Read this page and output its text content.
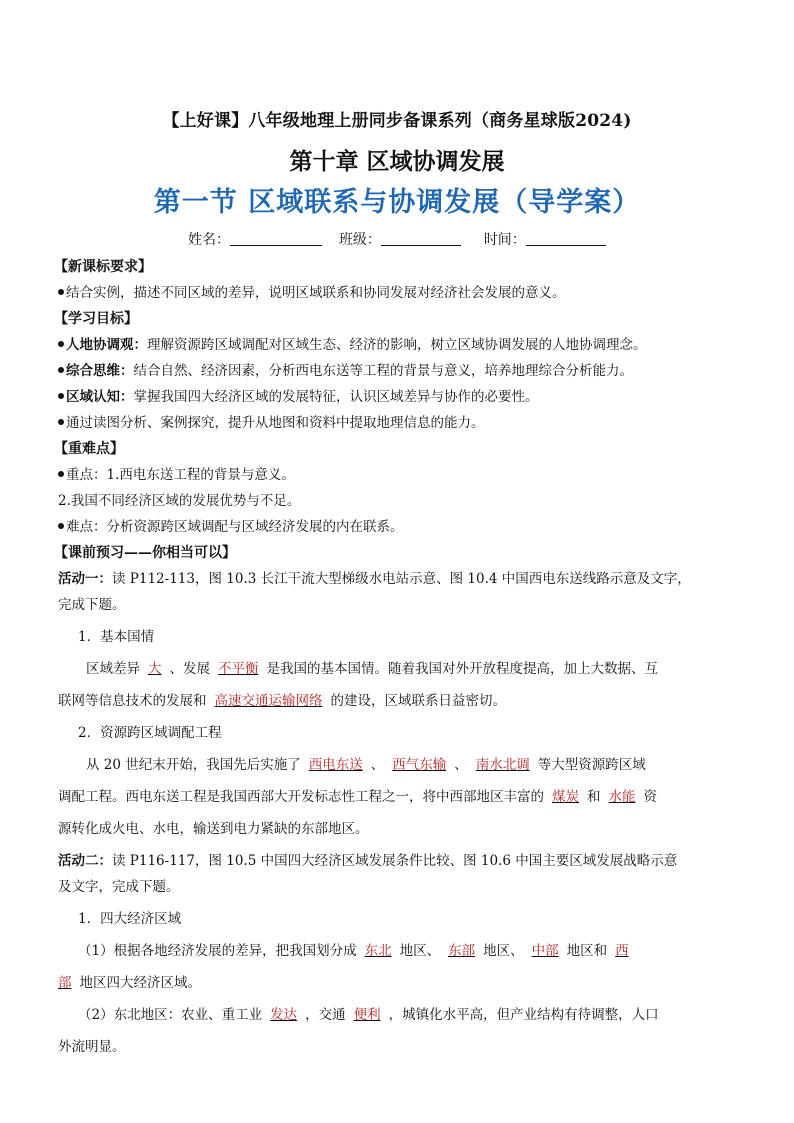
【上好课】八年级地理上册同步备课系列（商务星球版2024)
第十章 区域协调发展
第一节 区域联系与协调发展（导学案）
姓名：	班级：	时间：
【新课标要求】

结合实例，描述不同区域的差异，说明区域联系和协同发展对经济社会发展的意义。

【学习目标】

人地协调观：理解资源跨区域调配对区域生态、经济的影响，树立区域协调发展的人地协调理念。

综合思维：结合自然、经济因素，分析西电东送等工程的背景与意义，培养地理综合分析能力。

区域认知：掌握我国四大经济区域的发展特征，认识区域差异与协作的必要性。

通过读图分析、案例探究，提升从地图和资料中提取地理信息的能力。

【重难点】

重点：1.西电东送工程的背景与意义。

2.我国不同经济区域的发展优势与不足。

难点：分析资源跨区域调配与区域经济发展的内在联系。

【课前预习——你相当可以】

活动一：读 P112-113，图 10.3 长江干流大型梯级水电站示意、图 10.4 中国西电东送线路示意及文字，

完成下题。

1．基本国情

区域差异 大 、发展 不平衡 是我国的基本国情。随着我国对外开放程度提高，加上大数据、互

联网等信息技术的发展和 高速交通运输网络 的建设，区域联系日益密切。

2．资源跨区域调配工程

从 20 世纪末开始，我国先后实施了 西电东送 、 西气东输 、 南水北调 等大型资源跨区域

调配工程。西电东送工程是我国西部大开发标志性工程之一，将中西部地区丰富的 煤炭 和 水能 资

源转化成火电、水电，输送到电力紧缺的东部地区。

活动二：读 P116-117，图 10.5 中国四大经济区域发展条件比较、图 10.6 中国主要区域发展战略示意

及文字，完成下题。

1．四大经济区域

（1）根据各地经济发展的差异，把我国划分成 东北 地区、 东部 地区、 中部 地区和 西

部 地区四大经济区域。

（2）东北地区：农业、重工业 发达 ，交通 便利 ，城镇化水平高，但产业结构有待调整，人口

外流明显。
